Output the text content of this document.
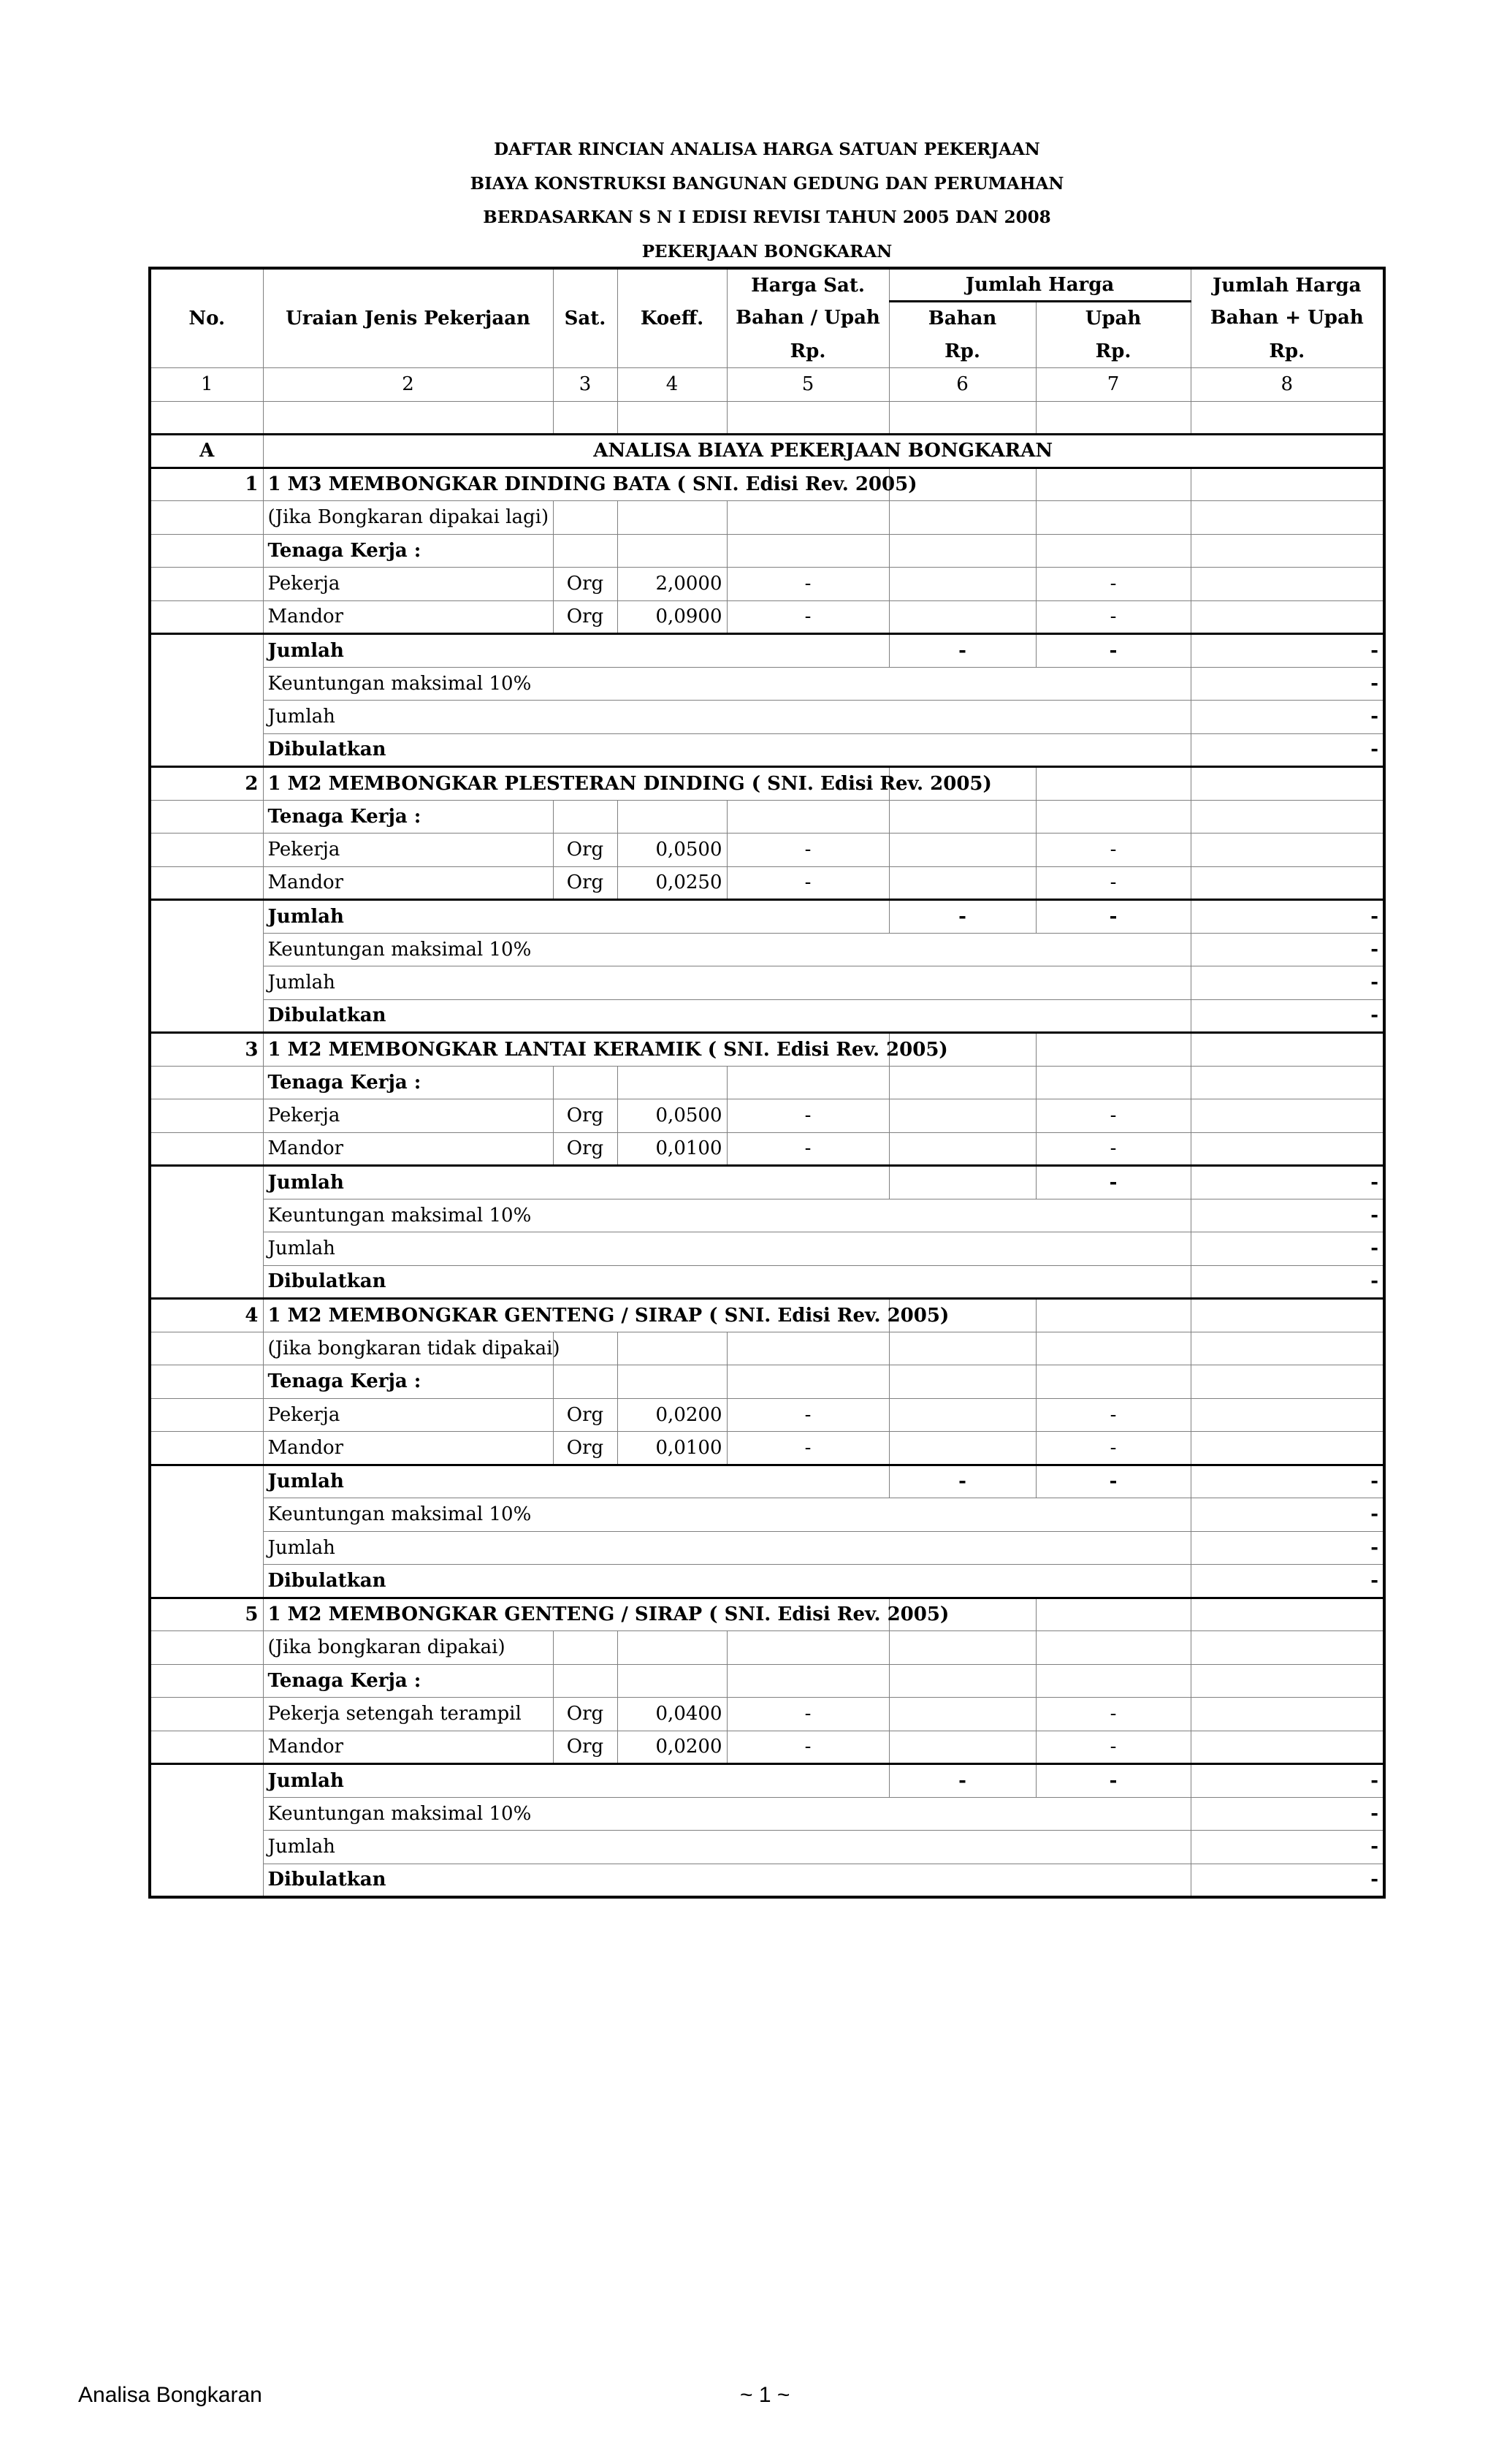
DAFTAR RINCIAN ANALISA HARGA SATUAN PEKERJAAN
BIAYA KONSTRUKSI BANGUNAN GEDUNG DAN PERUMAHAN
BERDASARKAN S N I EDISI REVISI TAHUN 2005 DAN 2008
PEKERJAAN BONGKARAN
No.	Uraian Jenis Pekerjaan	Sat.	Koeff.	Harga Sat.	Jumlah Harga		Jumlah Harga
				Bahan / Upah	Bahan	Upah	Bahan + Upah
				Rp.	Rp.	Rp.	Rp.
1	2	3	4	5	6	7	8

A	ANALISA BIAYA PEKERJAAN BONGKARAN						
1	1 M3 MEMBONGKAR DINDING BATA ( SNI. Edisi Rev. 2005)						
	(Jika Bongkaran dipakai lagi)						
	Tenaga Kerja :						
	Pekerja	Org	2,0000	-		-	
	Mandor	Org	0,0900	-		-	
	Jumlah				-	-	-
	Keuntungan maksimal 10%						-
	Jumlah						-
	Dibulatkan						-
2	1 M2 MEMBONGKAR PLESTERAN DINDING ( SNI. Edisi Rev. 2005)						
	Tenaga Kerja :						
	Pekerja	Org	0,0500	-		-	
	Mandor	Org	0,0250	-		-	
	Jumlah				-	-	-
	Keuntungan maksimal 10%						-
	Jumlah						-
	Dibulatkan						-
3	1 M2 MEMBONGKAR LANTAI KERAMIK ( SNI. Edisi Rev. 2005)						
	Tenaga Kerja :						
	Pekerja	Org	0,0500	-		-	
	Mandor	Org	0,0100	-		-	
	Jumlah					-	-
	Keuntungan maksimal 10%						-
	Jumlah						-
	Dibulatkan						-
4	1 M2 MEMBONGKAR GENTENG / SIRAP ( SNI. Edisi Rev. 2005)						
	(Jika bongkaran tidak dipakai)						
	Tenaga Kerja :						
	Pekerja	Org	0,0200	-		-	
	Mandor	Org	0,0100	-		-	
	Jumlah				-	-	-
	Keuntungan maksimal 10%						-
	Jumlah						-
	Dibulatkan						-
5	1 M2 MEMBONGKAR GENTENG / SIRAP ( SNI. Edisi Rev. 2005)						
	(Jika bongkaran dipakai)						
	Tenaga Kerja :						
	Pekerja setengah terampil	Org	0,0400	-		-	
	Mandor	Org	0,0200	-		-	
	Jumlah				-	-	-
	Keuntungan maksimal 10%						-
	Jumlah						-
	Dibulatkan						-
Analisa Bongkaran	~ 1 ~
